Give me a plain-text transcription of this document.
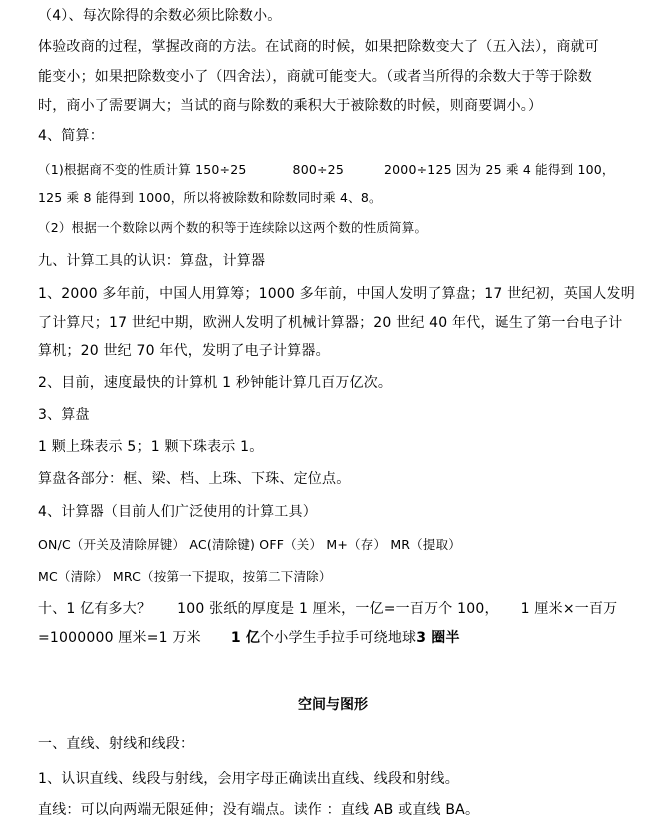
（4）、每次除得的余数必须比除数小。
体验改商的过程，掌握改商的方法。在试商的时候，如果把除数变大了（五入法），商就可
能变小；如果把除数变小了（四舍法），商就可能变大。（或者当所得的余数大于等于除数
时，商小了需要调大；当试的商与除数的乘积大于被除数的时候，则商要调小。）
4、简算：
（1)根据商不变的性质计算 150÷25	800÷25	2000÷125 因为 25 乘 4 能得到 100，
125 乘 8 能得到 1000，所以将被除数和除数同时乘 4、8。
（2）根据一个数除以两个数的积等于连续除以这两个数的性质简算。
九、计算工具的认识：算盘，计算器
1、2000 多年前，中国人用算筹；1000 多年前，中国人发明了算盘；17 世纪初，英国人发明
了计算尺；17 世纪中期，欧洲人发明了机械计算器；20 世纪 40 年代，诞生了第一台电子计
算机；20 世纪 70 年代，发明了电子计算器。
2、目前，速度最快的计算机 1 秒钟能计算几百万亿次。
3、算盘
1 颗上珠表示 5；1 颗下珠表示 1。
算盘各部分：框、梁、档、上珠、下珠、定位点。
4、计算器（目前人们广泛使用的计算工具）
ON/C（开关及清除屏键） AC(清除键) OFF（关） M+（存） MR（提取）
MC（清除） MRC（按第一下提取，按第二下清除）
十、1 亿有多大？ 100 张纸的厚度是 1 厘米，一亿=一百万个 100， 1 厘米×一百万
=1000000 厘米=1 万米 1 亿个小学生手拉手可绕地球3 圈半
空间与图形
一、直线、射线和线段：
1、认识直线、线段与射线，会用字母正确读出直线、线段和射线。
直线：可以向两端无限延伸；没有端点。读作 ：直线 AB 或直线 BA。
